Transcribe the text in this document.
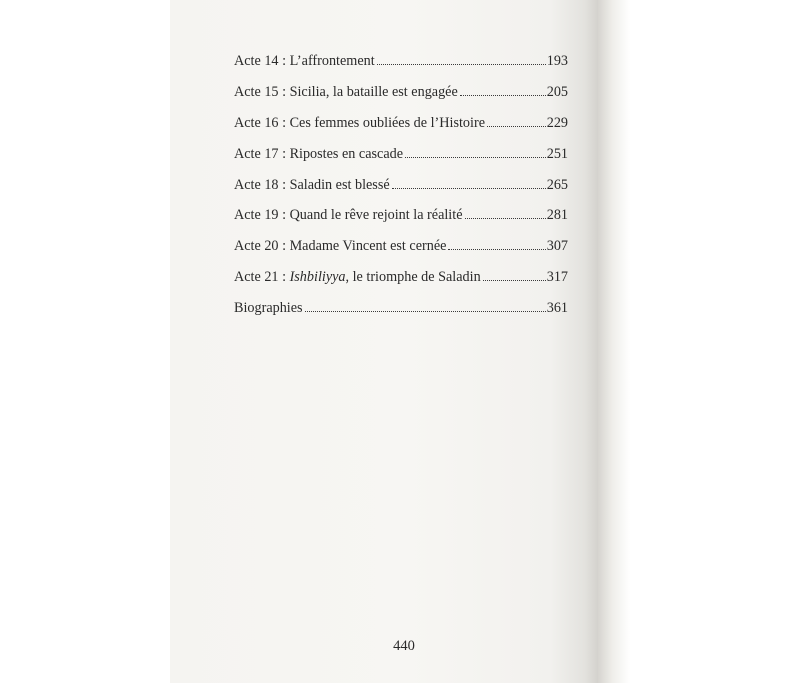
Acte 14 : L’affrontement	193
Acte 15 : Sicilia, la bataille est engagée	205
Acte 16 : Ces femmes oubliées de l’Histoire	229
Acte 17 : Ripostes en cascade	251
Acte 18 : Saladin est blessé	265
Acte 19 : Quand le rêve rejoint la réalité	281
Acte 20 : Madame Vincent est cernée	307
Acte 21 : Ishbiliyya, le triomphe de Saladin	317
Biographies	361
440
